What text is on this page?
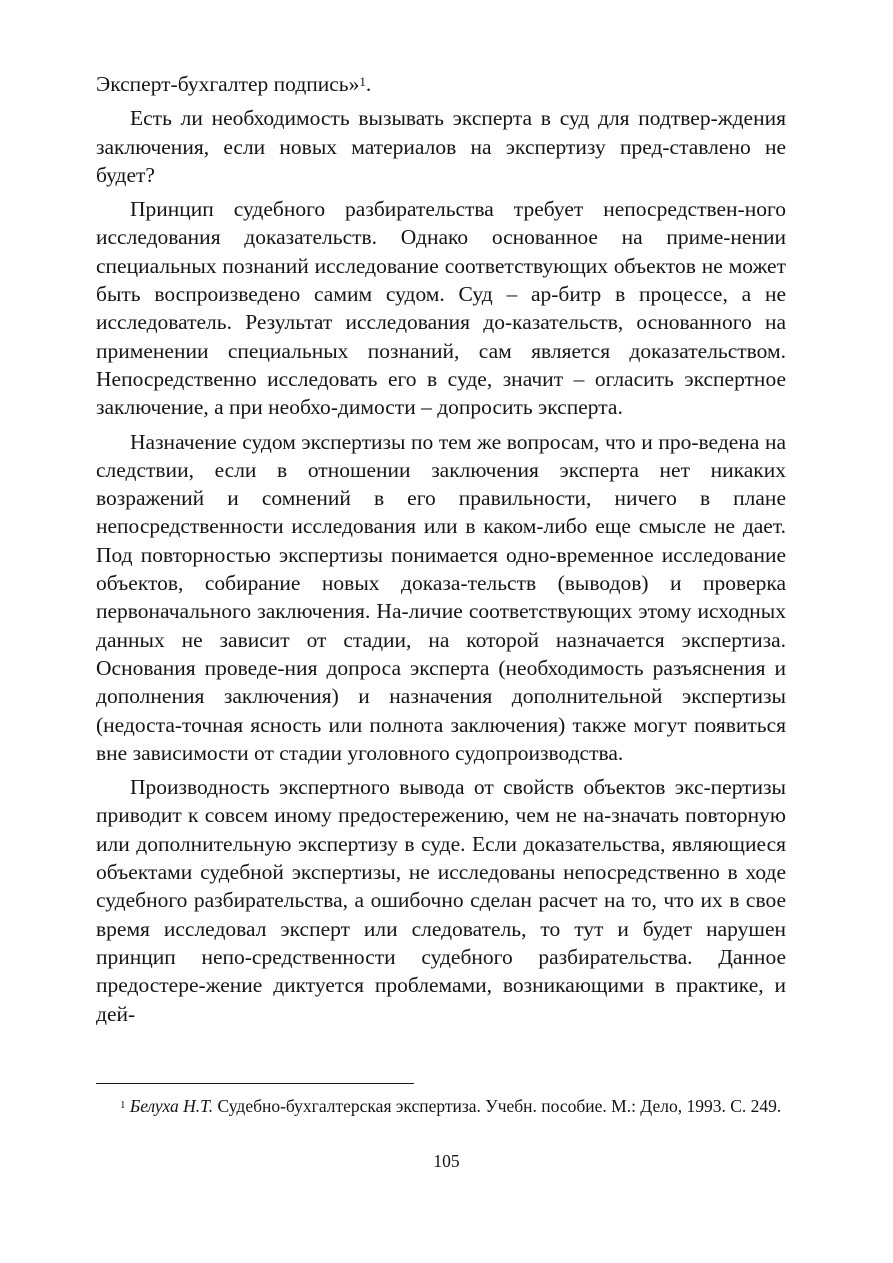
Эксперт-бухгалтер подпись»$^1$.

Есть ли необходимость вызывать эксперта в суд для подтвер-ждения заключения, если новых материалов на экспертизу пред-ставлено не будет?

Принцип судебного разбирательства требует непосредствен-ного исследования доказательств. Однако основанное на приме-нении специальных познаний исследование соответствующих объектов не может быть воспроизведено самим судом. Суд – ар-битр в процессе, а не исследователь. Результат исследования до-казательств, основанного на применении специальных познаний, сам является доказательством. Непосредственно исследовать его в суде, значит – огласить экспертное заключение, а при необхо-димости – допросить эксперта.

Назначение судом экспертизы по тем же вопросам, что и про-ведена на следствии, если в отношении заключения эксперта нет никаких возражений и сомнений в его правильности, ничего в плане непосредственности исследования или в каком-либо еще смысле не дает. Под повторностью экспертизы понимается одно-временное исследование объектов, собирание новых доказа-тельств (выводов) и проверка первоначального заключения. На-личие соответствующих этому исходных данных не зависит от стадии, на которой назначается экспертиза. Основания проведе-ния допроса эксперта (необходимость разъяснения и дополнения заключения) и назначения дополнительной экспертизы (недоста-точная ясность или полнота заключения) также могут появиться вне зависимости от стадии уголовного судопроизводства.

Производность экспертного вывода от свойств объектов экс-пертизы приводит к совсем иному предостережению, чем не на-значать повторную или дополнительную экспертизу в суде. Если доказательства, являющиеся объектами судебной экспертизы, не исследованы непосредственно в ходе судебного разбирательства, а ошибочно сделан расчет на то, что их в свое время исследовал эксперт или следователь, то тут и будет нарушен принцип непо-средственности судебного разбирательства. Данное предостере-жение диктуется проблемами, возникающими в практике, и дей-

$^1$ Белуха Н.Т. Судебно-бухгалтерская экспертиза. Учебн. пособие. М.: Дело, 1993. С. 249.

105
